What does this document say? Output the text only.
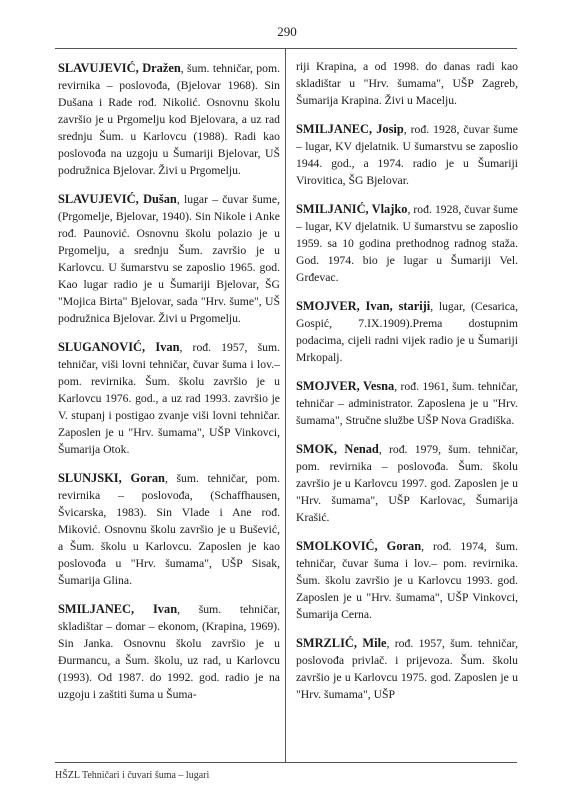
290

SLAVUJEVIĆ, Dražen, šum. tehničar, pom. revirnika – poslovođa, (Bjelovar 1968). Sin Dušana i Rade rođ. Nikolić. Osnovnu školu završio je u Prgomelju kod Bjelovara, a uz rad srednju Šum. u Karlovcu (1988). Radi kao poslovođa na uzgoju u Šumariji Bjelovar, UŠ podružnica Bjelovar. Živi u Prgomelju.

SLAVUJEVIĆ, Dušan, lugar – čuvar šume, (Prgomelje, Bjelovar, 1940). Sin Nikole i Anke rođ. Paunović. Osnovnu školu polazio je u Prgomelju, a srednju Šum. završio je u Karlovcu. U šumarstvu se zaposlio 1965. god. Kao lugar radio je u Šumariji Bjelovar, ŠG "Mojica Birta" Bjelovar, sada "Hrv. šume", UŠ podružnica Bjelovar. Živi u Prgomelju.

SLUGANOVIĆ, Ivan, rođ. 1957, šum. tehničar, viši lovni tehničar, čuvar šuma i lov.– pom. revirnika. Šum. školu završio je u Karlovcu 1976. god., a uz rad 1993. završio je V. stupanj i postigao zvanje viši lovni tehničar. Zaposlen je u "Hrv. šumama", UŠP Vinkovci, Šumarija Otok.

SLUNJSKI, Goran, šum. tehničar, pom. revirnika – poslovođa, (Schaffhausen, Švicarska, 1983). Sin Vlade i Ane rođ. Miković. Osnovnu školu završio je u Bušević, a Šum. školu u Karlovcu. Zaposlen je kao poslovođa u "Hrv. šumama", UŠP Sisak, Šumarija Glina.

SMILJANEC, Ivan, šum. tehničar, skladištar – domar – ekonom, (Krapina, 1969). Sin Janka. Osnovnu školu završio je u Đurmancu, a Šum. školu, uz rad, u Karlovcu (1993). Od 1987. do 1992. god. radio je na uzgoju i zaštiti šuma u Šuma-

riji Krapina, a od 1998. do danas radi kao skladištar u "Hrv. šumama", UŠP Zagreb, Šumarija Krapina. Živi u Macelju.

SMILJANEC, Josip, rođ. 1928, čuvar šume – lugar, KV djelatnik. U šumarstvu se zaposlio 1944. god., a 1974. radio je u Šumariji Virovitica, ŠG Bjelovar.

SMILJANIĆ, Vlajko, rođ. 1928, čuvar šume – lugar, KV djelatnik. U šumarstvu se zaposlio 1959. sa 10 godina prethodnog radnog staža. God. 1974. bio je lugar u Šumariji Vel. Grđevac.

SMOJVER, Ivan, stariji, lugar, (Cesarica, Gospić, 7.IX.1909).Prema dostupnim podacima, cijeli radni vijek radio je u Šumariji Mrkopalj.

SMOJVER, Vesna, rođ. 1961, šum. tehničar, tehničar – administrator. Zaposlena je u "Hrv. šumama", Stručne službe UŠP Nova Gradiška.

SMOK, Nenad, rođ. 1979, šum. tehničar, pom. revirnika – poslovođa. Šum. školu završio je u Karlovcu 1997. god. Zaposlen je u "Hrv. šumama", UŠP Karlovac, Šumarija Krašić.

SMOLKOVIĆ, Goran, rođ. 1974, šum. tehničar, čuvar šuma i lov.– pom. revirnika. Šum. školu završio je u Karlovcu 1993. god. Zaposlen je u "Hrv. šumama", UŠP Vinkovci, Šumarija Cerna.

SMRZLIĆ, Mile, rođ. 1957, šum. tehničar, poslovođa privlač. i prijevoza. Šum. školu završio je u Karlovcu 1975. god. Zaposlen je u "Hrv. šumama", UŠP

HŠZL Tehničari i čuvari šuma – lugari
